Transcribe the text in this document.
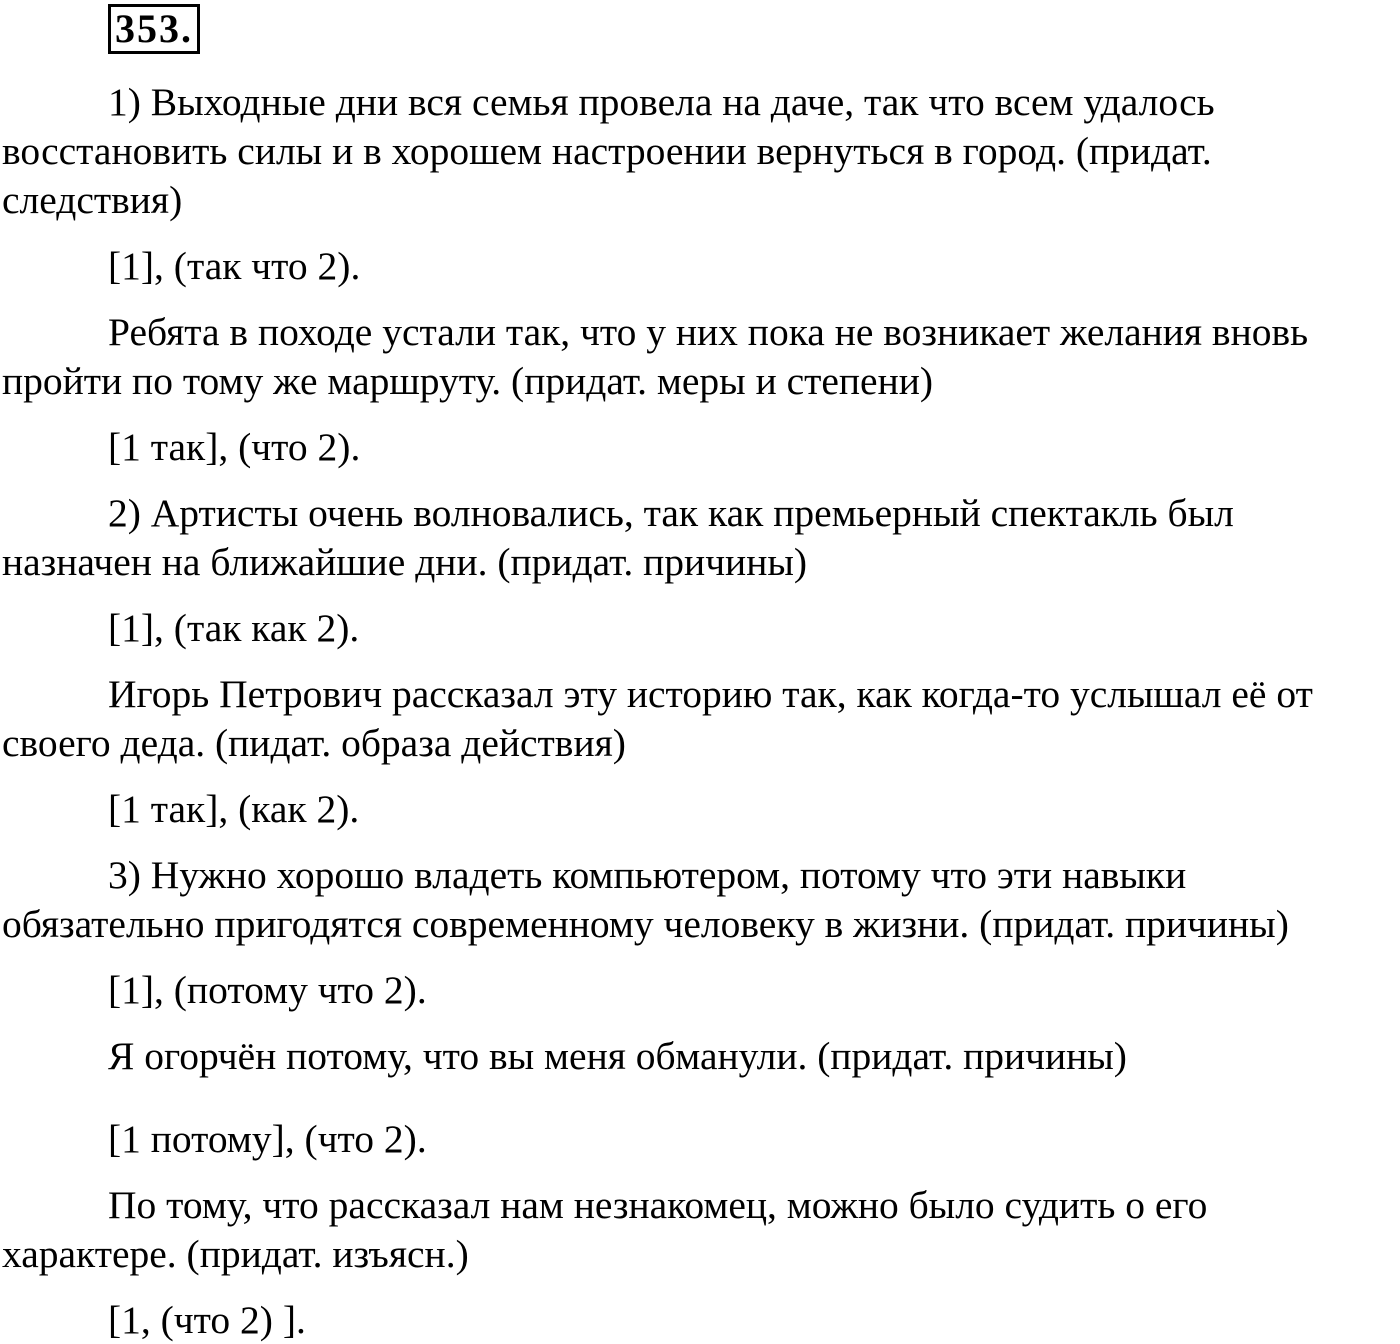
353.
1) Выходные дни вся семья провела на даче, так что всем удалось
восстановить силы и в хорошем настроении вернуться в город. (придат.
следствия)
[1], (так что 2).
Ребята в походе устали так, что у них пока не возникает желания вновь
пройти по тому же маршруту. (придат. меры и степени)
[1 так], (что 2).
2) Артисты очень волновались, так как премьерный спектакль был
назначен на ближайшие дни. (придат. причины)
[1], (так как 2).
Игорь Петрович рассказал эту историю так, как когда-то услышал её от
своего деда. (пидат. образа действия)
[1 так], (как 2).
3) Нужно хорошо владеть компьютером, потому что эти навыки
обязательно пригодятся современному человеку в жизни. (придат. причины)
[1], (потому что 2).
Я огорчён потому, что вы меня обманули. (придат. причины)
[1 потому], (что 2).
По тому, что рассказал нам незнакомец, можно было судить о его
характере. (придат. изъясн.)
[1, (что 2) ].
